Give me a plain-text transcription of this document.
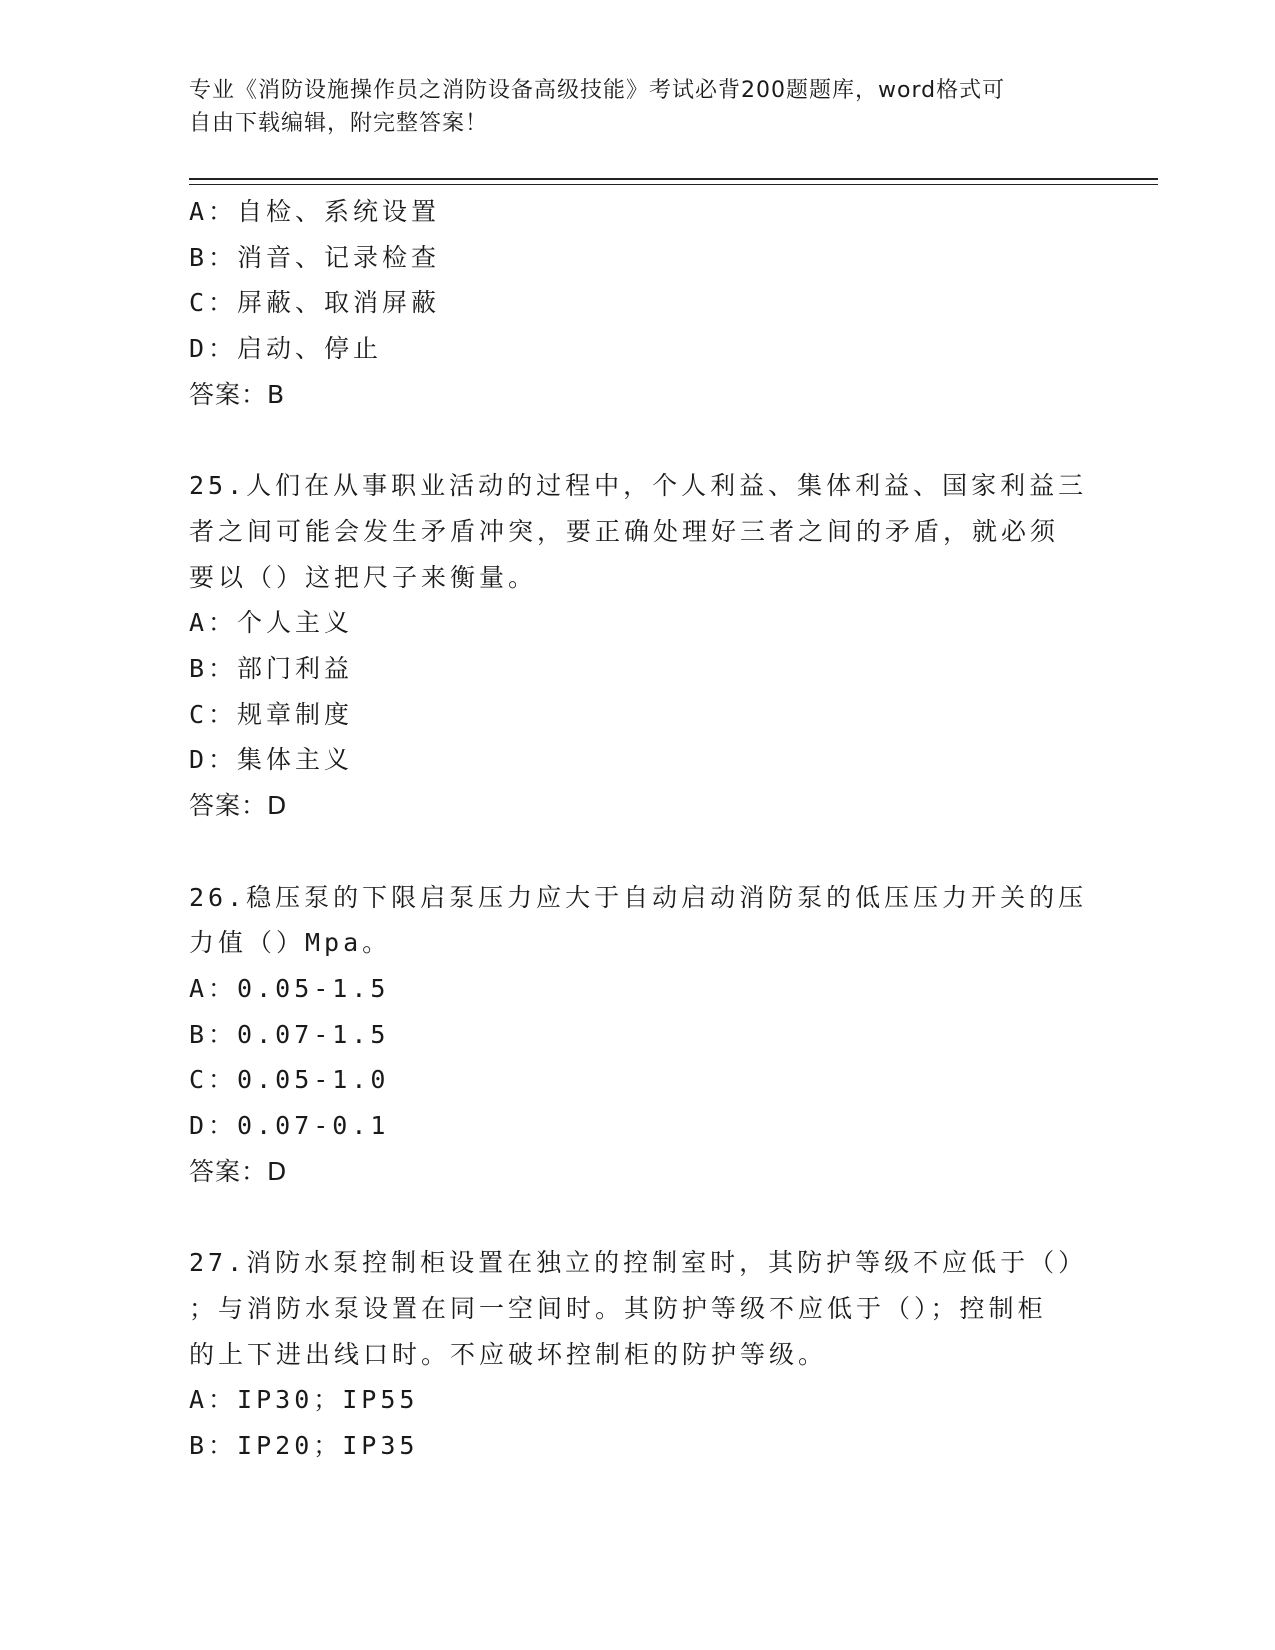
专业《消防设施操作员之消防设备高级技能》考试必背200题题库，word格式可
自由下载编辑，附完整答案！
A：自检、系统设置
B：消音、记录检查
C：屏蔽、取消屏蔽
D：启动、停止
答案：B
25.人们在从事职业活动的过程中，个人利益、集体利益、国家利益三
者之间可能会发生矛盾冲突，要正确处理好三者之间的矛盾，就必须
要以（）这把尺子来衡量。
A：个人主义
B：部门利益
C：规章制度
D：集体主义
答案：D
26.稳压泵的下限启泵压力应大于自动启动消防泵的低压压力开关的压
力值（）Mpa。
A：0.05-1.5
B：0.07-1.5
C：0.05-1.0
D：0.07-0.1
答案：D
27.消防水泵控制柜设置在独立的控制室时，其防护等级不应低于（）
；与消防水泵设置在同一空间时。其防护等级不应低于（）；控制柜
的上下进出线口时。不应破坏控制柜的防护等级。
A：IP30；IP55
B：IP20；IP35
